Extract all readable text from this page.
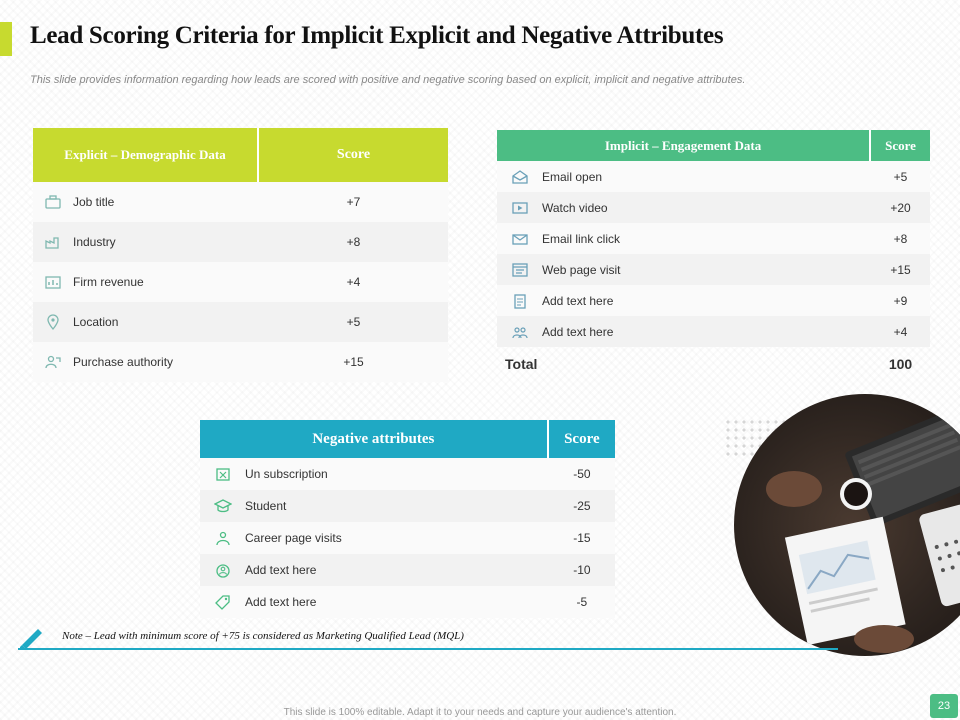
Lead Scoring Criteria for Implicit Explicit and Negative Attributes
This slide provides information regarding how leads are scored with positive and negative scoring based on explicit, implicit and negative attributes.
Explicit – Demographic Data		Score
	Job title	+7
	Industry	+8
	Firm revenue	+4
	Location	+5
	Purchase authority	+15
Implicit – Engagement Data		Score
	Email open	+5
	Watch video	+20
	Email link click	+8
	Web page visit	+15
	Add text here	+9
	Add text here	+4
Total		100
Negative attributes		Score
	Un subscription	-50
	Student	-25
	Career page visits	-15
	Add text here	-10
	Add text here	-5
Note – Lead with minimum score of +75 is considered as Marketing Qualified Lead (MQL)
This slide is 100% editable. Adapt it to your needs and capture your audience's attention.
23
